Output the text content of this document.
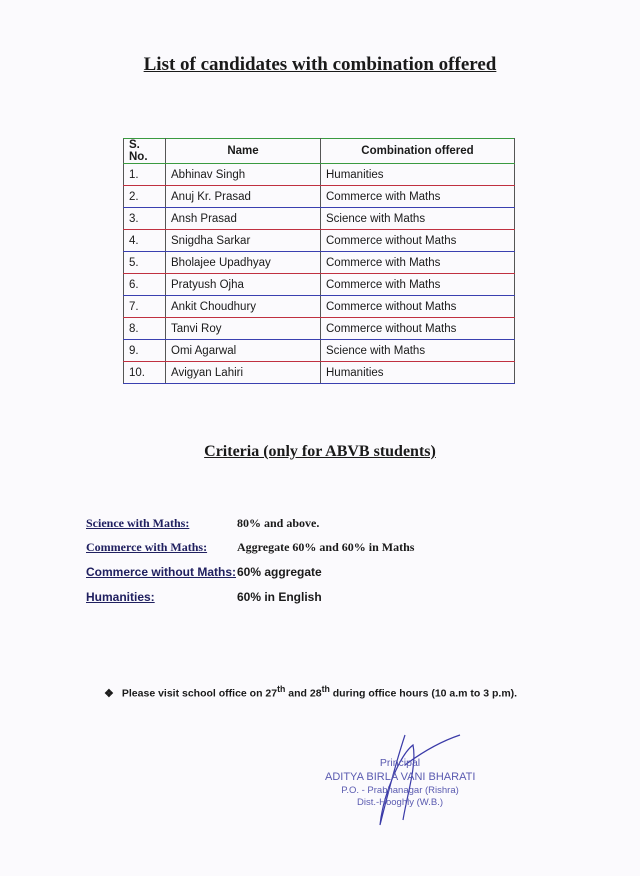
List of candidates with combination offered
S. No.	Name	Combination offered
1.	Abhinav Singh	Humanities
2.	Anuj Kr. Prasad	Commerce with Maths
3.	Ansh Prasad	Science with Maths
4.	Snigdha Sarkar	Commerce without Maths
5.	Bholajee Upadhyay	Commerce with Maths
6.	Pratyush Ojha	Commerce with Maths
7.	Ankit Choudhury	Commerce without Maths
8.	Tanvi Roy	Commerce without Maths
9.	Omi Agarwal	Science with Maths
10.	Avigyan Lahiri	Humanities
Criteria (only for ABVB students)
Science with Maths:	80% and above.
Commerce with Maths: Aggregate 60% and 60% in Maths
Commerce without Maths: 60% aggregate
Humanities:	60% in English
❖ Please visit school office on 27th and 28th during office hours (10 a.m to 3 p.m).
Principal
ADITYA BIRLA VANI BHARATI
P.O. - Prabhanagar (Rishra)
Dist.-Hooghly (W.B.)
